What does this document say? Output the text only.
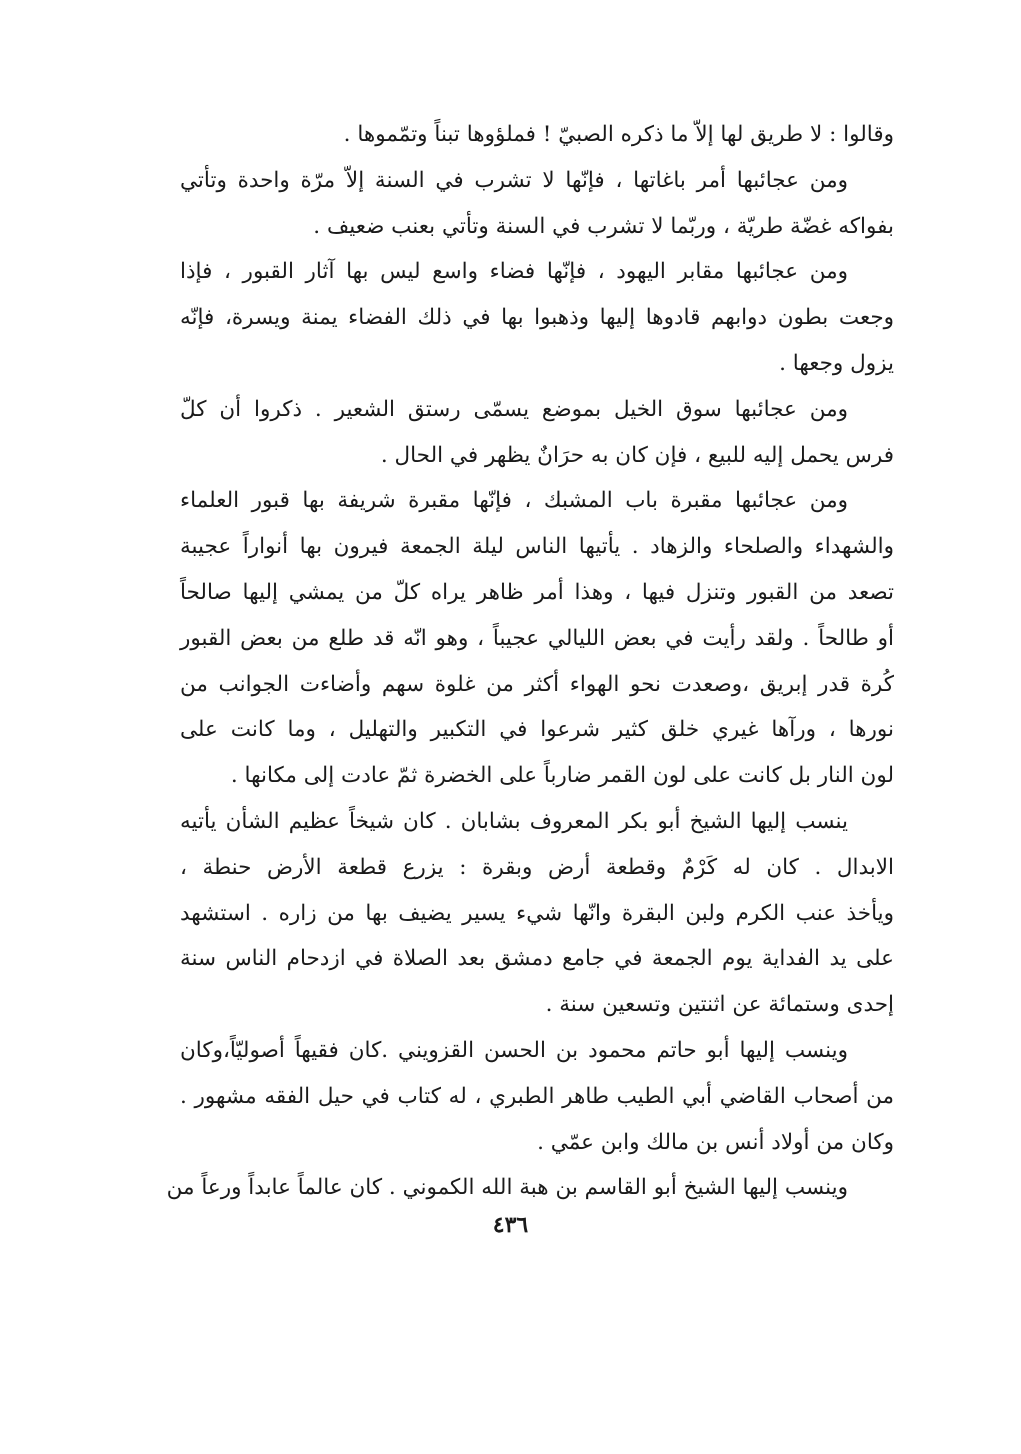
وقالوا : لا طريق لها إلاّ ما ذكره الصبيّ ! فملؤوها تبناً وتمّموها .
ومن عجائبها أمر باغاتها ، فإنّها لا تشرب في السنة إلاّ مرّة واحدة وتأتي
بفواكه غضّة طريّة ، وربّما لا تشرب في السنة وتأتي بعنب ضعيف .
ومن عجائبها مقابر اليهود ، فإنّها فضاء واسع ليس بها آثار القبور ، فإذا
وجعت بطون دوابهم قادوها إليها وذهبوا بها في ذلك الفضاء يمنة ويسرة، فإنّه
يزول وجعها .
ومن عجائبها سوق الخيل بموضع يسمّى رستق الشعير . ذكروا أن كلّ
فرس يحمل إليه للبيع ، فإن كان به حرَانٌ يظهر في الحال .
ومن عجائبها مقبرة باب المشبك ، فإنّها مقبرة شريفة بها قبور العلماء
والشهداء والصلحاء والزهاد . يأتيها الناس ليلة الجمعة فيرون بها أنواراً عجيبة
تصعد من القبور وتنزل فيها ، وهذا أمر ظاهر يراه كلّ من يمشي إليها صالحاً
أو طالحاً . ولقد رأيت في بعض الليالي عجيباً ، وهو انّه قد طلع من بعض القبور
كُرة قدر إبريق ،وصعدت نحو الهواء أكثر من غلوة سهم وأضاءت الجوانب من
نورها ، ورآها غيري خلق كثير شرعوا في التكبير والتهليل ، وما كانت على
لون النار بل كانت على لون القمر ضارباً على الخضرة ثمّ عادت إلى مكانها .
ينسب إليها الشيخ أبو بكر المعروف بشابان . كان شيخاً عظيم الشأن يأتيه
الابدال . كان له كَرْمٌ وقطعة أرض وبقرة : يزرع قطعة الأرض حنطة ،
ويأخذ عنب الكرم ولبن البقرة وانّها شيء يسير يضيف بها من زاره . استشهد
على يد الفداية يوم الجمعة في جامع دمشق بعد الصلاة في ازدحام الناس سنة
إحدى وستمائة عن اثنتين وتسعين سنة .
وينسب إليها أبو حاتم محمود بن الحسن القزويني .كان فقيهاً أصوليّاً،وكان
من أصحاب القاضي أبي الطيب طاهر الطبري ، له كتاب في حيل الفقه مشهور .
وكان من أولاد أنس بن مالك وابن عمّي .
وينسب إليها الشيخ أبو القاسم بن هبة الله الكموني . كان عالماً عابداً ورعاً من
٤٣٦
